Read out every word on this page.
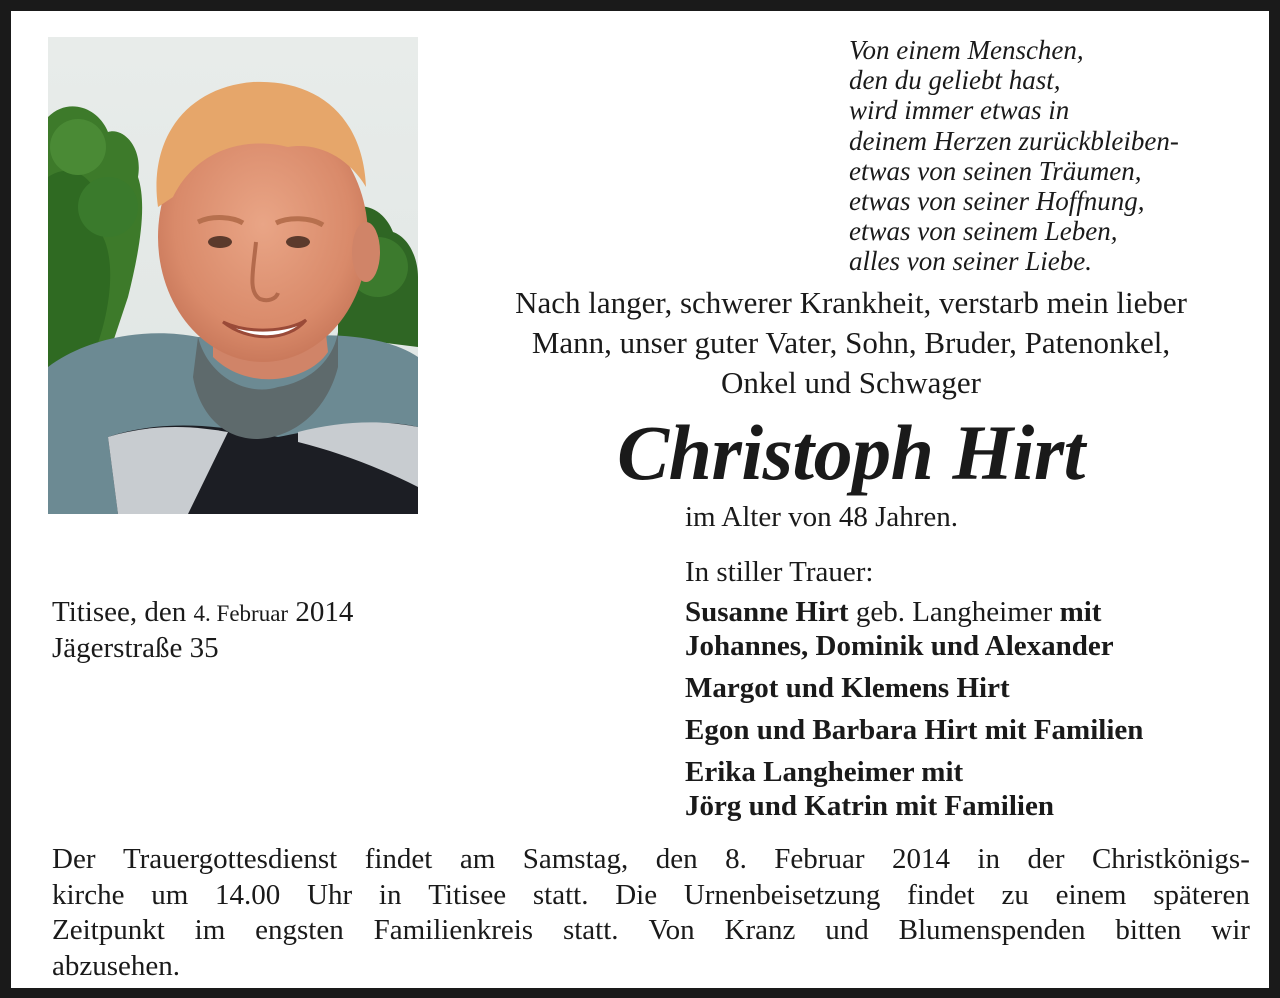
Von einem Menschen,
den du geliebt hast,
wird immer etwas in
deinem Herzen zurückbleiben-
etwas von seinen Träumen,
etwas von seiner Hoffnung,
etwas von seinem Leben,
alles von seiner Liebe.
Nach langer, schwerer Krankheit, verstarb mein lieber
Mann, unser guter Vater, Sohn, Bruder, Patenonkel,
Onkel und Schwager
Christoph Hirt
im Alter von 48 Jahren.
In stiller Trauer:
Susanne Hirt geb. Langheimer mit
Johannes, Dominik und Alexander
Margot und Klemens Hirt
Egon und Barbara Hirt mit Familien
Erika Langheimer mit
Jörg und Katrin mit Familien
Titisee, den 4. Februar 2014
Jägerstraße 35
Der Trauergottesdienst findet am Samstag, den 8. Februar 2014 in der Christkönigs-
kirche um 14.00 Uhr in Titisee statt. Die Urnenbeisetzung findet zu einem späteren
Zeitpunkt im engsten Familienkreis statt. Von Kranz und Blumenspenden bitten wir
abzusehen.
